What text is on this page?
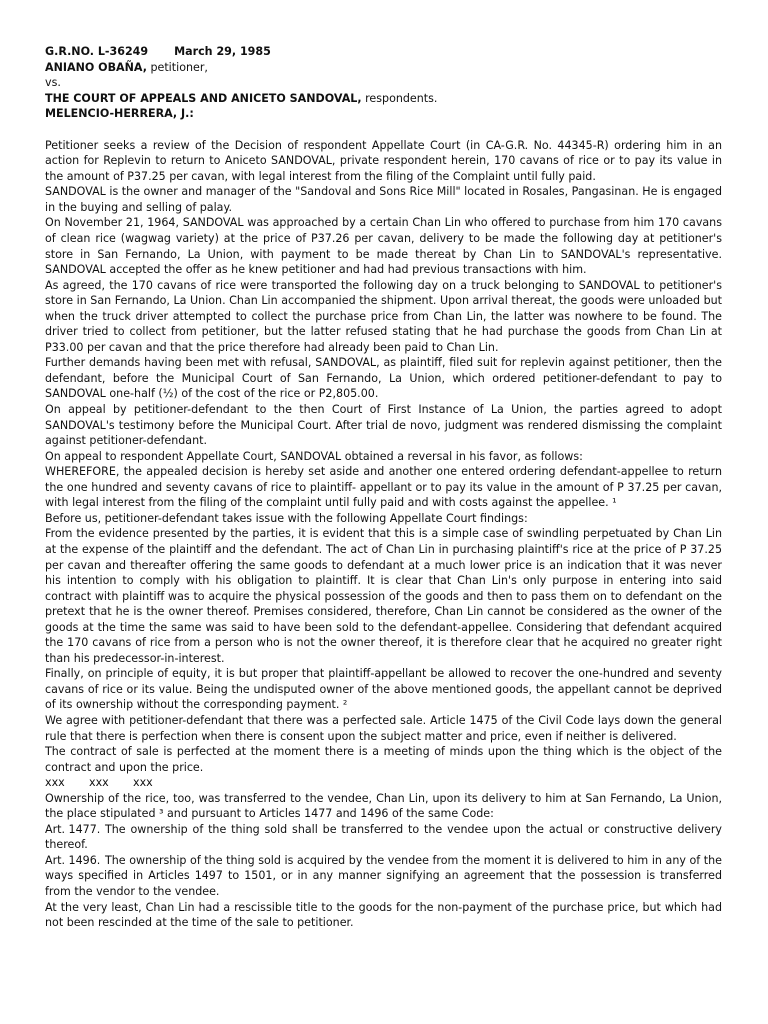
G.R.NO. L-36249 March 29, 1985
ANIANO OBAÑA, petitioner,
vs.
THE COURT OF APPEALS AND ANICETO SANDOVAL, respondents.
MELENCIO-HERRERA, J.:

Petitioner seeks a review of the Decision of respondent Appellate Court (in CA-G.R. No. 44345-R) ordering him in an action for Replevin to return to Aniceto SANDOVAL, private respondent herein, 170 cavans of rice or to pay its value in the amount of P37.25 per cavan, with legal interest from the filing of the Complaint until fully paid.

SANDOVAL is the owner and manager of the "Sandoval and Sons Rice Mill" located in Rosales, Pangasinan. He is engaged in the buying and selling of palay.

On November 21, 1964, SANDOVAL was approached by a certain Chan Lin who offered to purchase from him 170 cavans of clean rice (wagwag variety) at the price of P37.26 per cavan, delivery to be made the following day at petitioner's store in San Fernando, La Union, with payment to be made thereat by Chan Lin to SANDOVAL's representative. SANDOVAL accepted the offer as he knew petitioner and had had previous transactions with him.

As agreed, the 170 cavans of rice were transported the following day on a truck belonging to SANDOVAL to petitioner's store in San Fernando, La Union. Chan Lin accompanied the shipment. Upon arrival thereat, the goods were unloaded but when the truck driver attempted to collect the purchase price from Chan Lin, the latter was nowhere to be found. The driver tried to collect from petitioner, but the latter refused stating that he had purchase the goods from Chan Lin at P33.00 per cavan and that the price therefore had already been paid to Chan Lin.

Further demands having been met with refusal, SANDOVAL, as plaintiff, filed suit for replevin against petitioner, then the defendant, before the Municipal Court of San Fernando, La Union, which ordered petitioner-defendant to pay to SANDOVAL one-half (½) of the cost of the rice or P2,805.00.

On appeal by petitioner-defendant to the then Court of First Instance of La Union, the parties agreed to adopt SANDOVAL's testimony before the Municipal Court. After trial de novo, judgment was rendered dismissing the complaint against petitioner-defendant.

On appeal to respondent Appellate Court, SANDOVAL obtained a reversal in his favor, as follows:

WHEREFORE, the appealed decision is hereby set aside and another one entered ordering defendant-appellee to return the one hundred and seventy cavans of rice to plaintiff- appellant or to pay its value in the amount of P 37.25 per cavan, with legal interest from the filing of the complaint until fully paid and with costs against the appellee. ¹

Before us, petitioner-defendant takes issue with the following Appellate Court findings:

From the evidence presented by the parties, it is evident that this is a simple case of swindling perpetuated by Chan Lin at the expense of the plaintiff and the defendant. The act of Chan Lin in purchasing plaintiff's rice at the price of P 37.25 per cavan and thereafter offering the same goods to defendant at a much lower price is an indication that it was never his intention to comply with his obligation to plaintiff. It is clear that Chan Lin's only purpose in entering into said contract with plaintiff was to acquire the physical possession of the goods and then to pass them on to defendant on the pretext that he is the owner thereof. Premises considered, therefore, Chan Lin cannot be considered as the owner of the goods at the time the same was said to have been sold to the defendant-appellee. Considering that defendant acquired the 170 cavans of rice from a person who is not the owner thereof, it is therefore clear that he acquired no greater right than his predecessor-in-interest.

Finally, on principle of equity, it is but proper that plaintiff-appellant be allowed to recover the one-hundred and seventy cavans of rice or its value. Being the undisputed owner of the above mentioned goods, the appellant cannot be deprived of its ownership without the corresponding payment. ²

We agree with petitioner-defendant that there was a perfected sale. Article 1475 of the Civil Code lays down the general rule that there is perfection when there is consent upon the subject matter and price, even if neither is delivered.

The contract of sale is perfected at the moment there is a meeting of minds upon the thing which is the object of the contract and upon the price.

xxx xxx xxx

Ownership of the rice, too, was transferred to the vendee, Chan Lin, upon its delivery to him at San Fernando, La Union, the place stipulated ³ and pursuant to Articles 1477 and 1496 of the same Code:

Art. 1477. The ownership of the thing sold shall be transferred to the vendee upon the actual or constructive delivery thereof.

Art. 1496. The ownership of the thing sold is acquired by the vendee from the moment it is delivered to him in any of the ways specified in Articles 1497 to 1501, or in any manner signifying an agreement that the possession is transferred from the vendor to the vendee.

At the very least, Chan Lin had a rescissible title to the goods for the non-payment of the purchase price, but which had not been rescinded at the time of the sale to petitioner.
